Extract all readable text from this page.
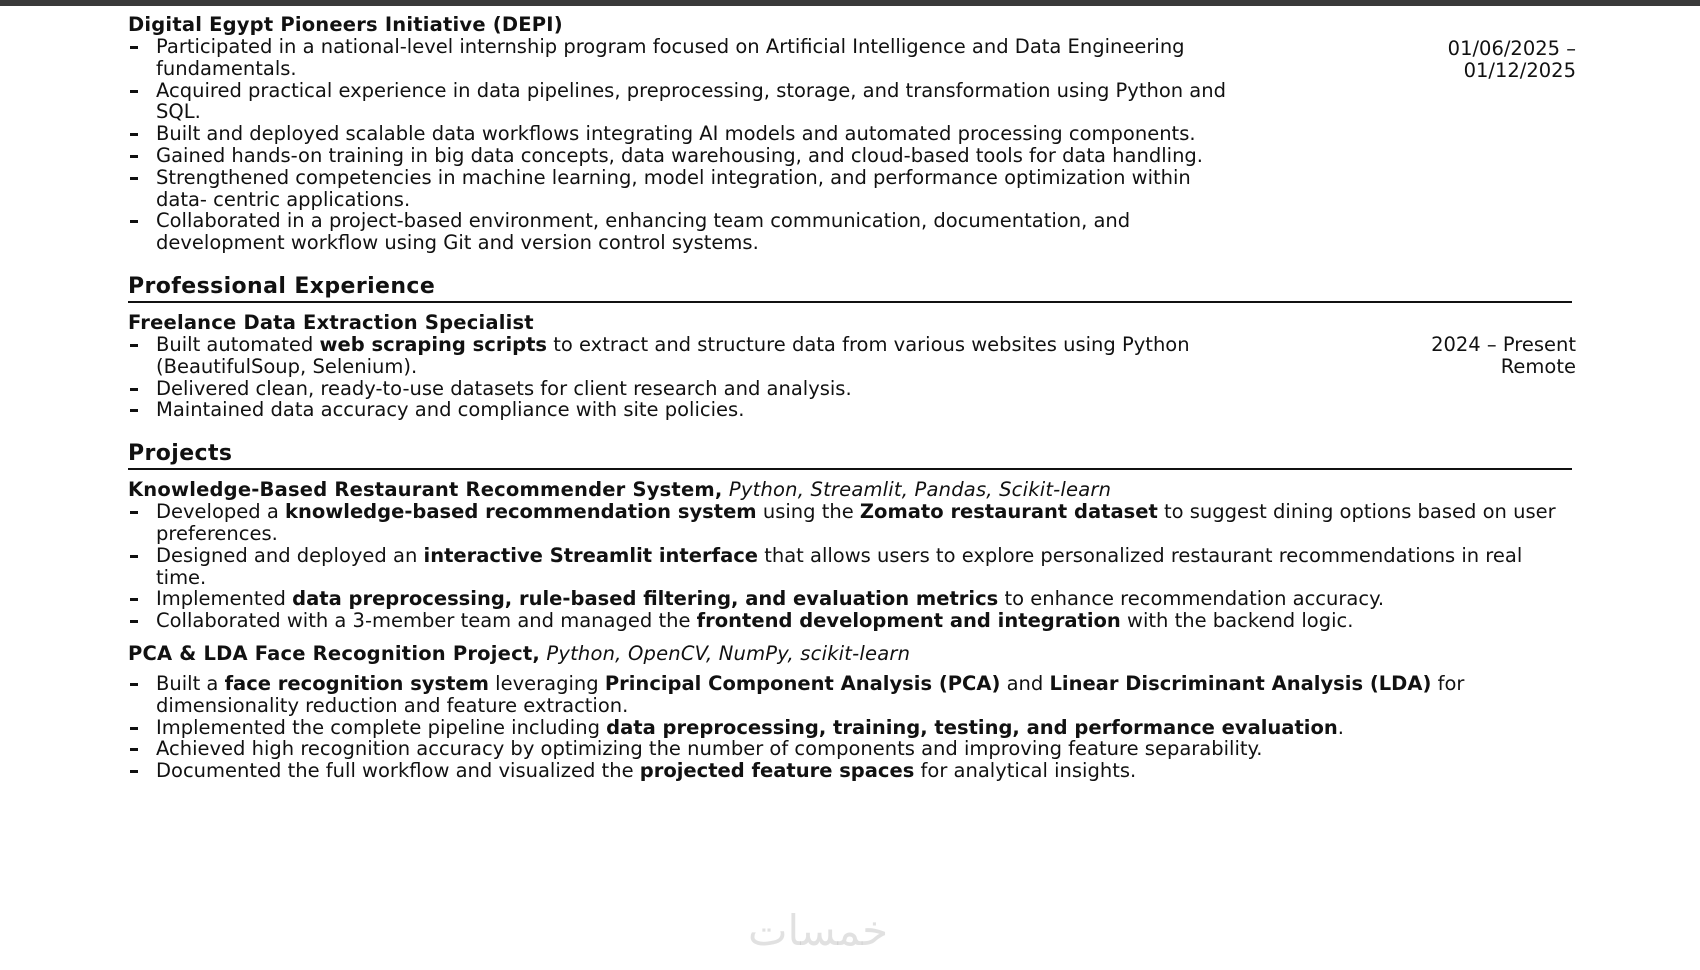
01/06/2025 –
01/12/2025
Digital Egypt Pioneers Initiative (DEPI)
Participated in a national-level internship program focused on Artificial Intelligence and Data Engineering fundamentals.
Acquired practical experience in data pipelines, preprocessing, storage, and transformation using Python and SQL.
Built and deployed scalable data workflows integrating AI models and automated processing components.
Gained hands-on training in big data concepts, data warehousing, and cloud-based tools for data handling.
Strengthened competencies in machine learning, model integration, and performance optimization within data- centric applications.
Collaborated in a project-based environment, enhancing team communication, documentation, and development workflow using Git and version control systems.
Professional Experience
2024 – Present
Remote
Freelance Data Extraction Specialist
Built automated web scraping scripts to extract and structure data from various websites using Python (BeautifulSoup, Selenium).
Delivered clean, ready-to-use datasets for client research and analysis.
Maintained data accuracy and compliance with site policies.
Projects
Knowledge-Based Restaurant Recommender System, Python, Streamlit, Pandas, Scikit-learn
Developed a knowledge-based recommendation system using the Zomato restaurant dataset to suggest dining options based on user preferences.
Designed and deployed an interactive Streamlit interface that allows users to explore personalized restaurant recommendations in real time.
Implemented data preprocessing, rule-based filtering, and evaluation metrics to enhance recommendation accuracy.
Collaborated with a 3-member team and managed the frontend development and integration with the backend logic.
PCA & LDA Face Recognition Project, Python, OpenCV, NumPy, scikit-learn
Built a face recognition system leveraging Principal Component Analysis (PCA) and Linear Discriminant Analysis (LDA) for dimensionality reduction and feature extraction.
Implemented the complete pipeline including data preprocessing, training, testing, and performance evaluation.
Achieved high recognition accuracy by optimizing the number of components and improving feature separability.
Documented the full workflow and visualized the projected feature spaces for analytical insights.
خمسات
